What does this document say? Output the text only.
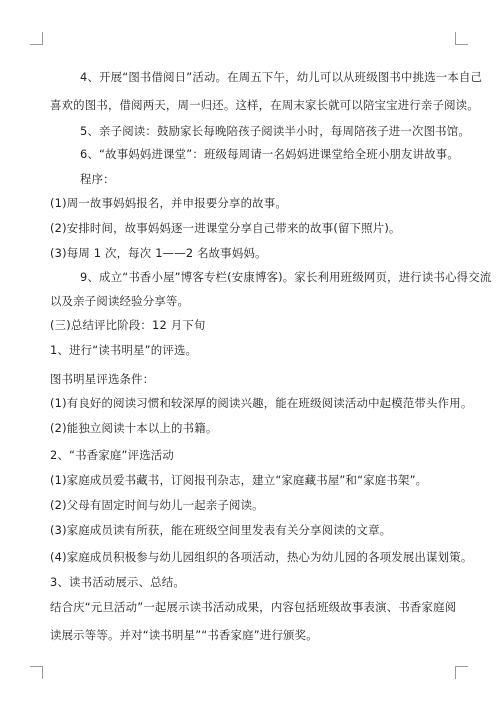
4、开展“图书借阅日”活动。在周五下午，幼儿可以从班级图书中挑选一本自己
喜欢的图书，借阅两天，周一归还。这样，在周末家长就可以陪宝宝进行亲子阅读。
5、亲子阅读：鼓励家长每晚陪孩子阅读半小时，每周陪孩子进一次图书馆。
6、“故事妈妈进课堂”：班级每周请一名妈妈进课堂给全班小朋友讲故事。
程序：
(1)周一故事妈妈报名，并申报要分享的故事。
(2)安排时间，故事妈妈逐一进课堂分享自己带来的故事(留下照片)。
(3)每周 1 次，每次 1——2 名故事妈妈。
9、成立“书香小屋”博客专栏(安康博客)。家长利用班级网页，进行读书心得交流
以及亲子阅读经验分享等。
(三)总结评比阶段：12 月下旬
1、进行“读书明星”的评选。
图书明星评选条件：
(1)有良好的阅读习惯和较深厚的阅读兴趣，能在班级阅读活动中起模范带头作用。
(2)能独立阅读十本以上的书籍。
2、“书香家庭”评选活动
(1)家庭成员爱书藏书，订阅报刊杂志，建立“家庭藏书屋”和“家庭书架”。
(2)父母有固定时间与幼儿一起亲子阅读。
(3)家庭成员读有所获，能在班级空间里发表有关分享阅读的文章。
(4)家庭成员积极参与幼儿园组织的各项活动，热心为幼儿园的各项发展出谋划策。
3、读书活动展示、总结。
结合庆“元旦活动”一起展示读书活动成果，内容包括班级故事表演、书香家庭阅
读展示等等。并对“读书明星”“书香家庭”进行颁奖。
